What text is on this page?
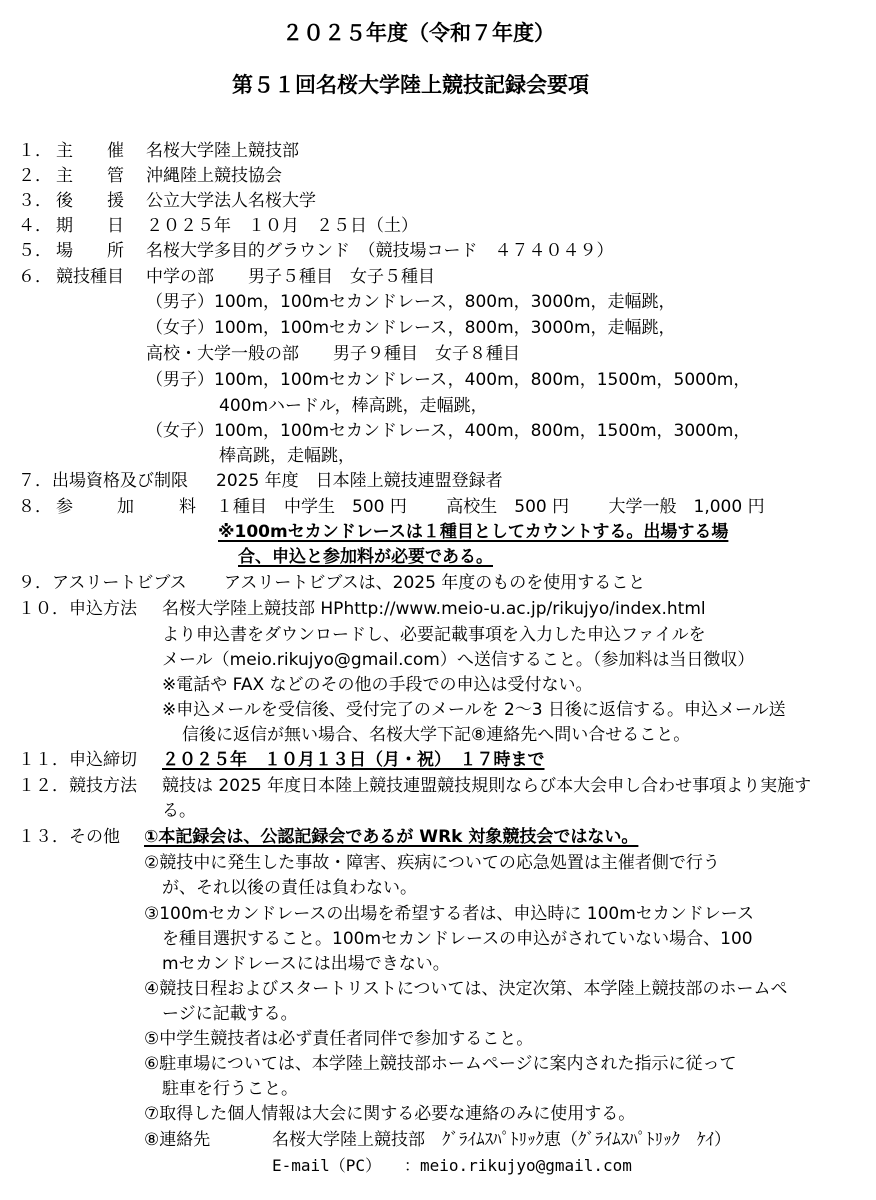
２０２５年度（令和７年度）
第５１回名桜大学陸上競技記録会要項
１． 主　　催 名桜大学陸上競技部
２． 主　　管 沖縄陸上競技協会
３． 後　　援 公立大学法人名桜大学
４． 期　　日 ２０２５年　１０月　２５日（土）
５． 場　　所 名桜大学多目的グラウンド　（競技場コード　４７４０４９）
６． 競技種目 中学の部　　男子５種目　女子５種目
（男子）100m，100mセカンドレース，800m，3000m，走幅跳，
（女子）100m，100mセカンドレース，800m，3000m，走幅跳，
高校・大学一般の部　　男子９種目　女子８種目
（男子）100m，100mセカンドレース，400m，800m，1500m，5000m，
400mハードル，棒高跳，走幅跳，
（女子）100m，100mセカンドレース，400m，800m，1500m，3000m，
棒高跳，走幅跳，
７．出場資格及び制限 2025 年度　日本陸上競技連盟登録者
８． 参	加	料 １種目　中学生　500 円　　 高校生　500 円　　 大学一般　1,000 円
※100mセカンドレースは１種目としてカウントする。出場する場
合、申込と参加料が必要である。
９．アスリートビブス アスリートビブスは、2025 年度のものを使用すること
１０．申込方法 名桜大学陸上競技部 HPhttp://www.meio-u.ac.jp/rikujyo/index.html
より申込書をダウンロードし、必要記載事項を入力した申込ファイルを
メール（meio.rikujyo@gmail.com）へ送信すること。（参加料は当日徴収）
※電話や FAX などのその他の手段での申込は受付ない。
※申込メールを受信後、受付完了のメールを 2～3 日後に返信する。申込メール送
信後に返信が無い場合、名桜大学下記⑧連絡先へ問い合せること。
１１．申込締切 ２０２５年　１０月１３日（月・祝）　１７時まで
１２．競技方法 競技は 2025 年度日本陸上競技連盟競技規則ならび本大会申し合わせ事項より実施す
る。
１３．その他 ①本記録会は、公認記録会であるが WRk 対象競技会ではない。
②競技中に発生した事故・障害、疾病についての応急処置は主催者側で行う
が、それ以後の責任は負わない。
③100mセカンドレースの出場を希望する者は、申込時に 100mセカンドレース
を種目選択すること。100mセカンドレースの申込がされていない場合、100
mセカンドレースには出場できない。
④競技日程およびスタートリストについては、決定次第、本学陸上競技部のホームペ
ージに記載する。
⑤中学生競技者は必ず責任者同伴で参加すること。
⑥駐車場については、本学陸上競技部ホームページに案内された指示に従って
駐車を行うこと。
⑦取得した個人情報は大会に関する必要な連絡のみに使用する。
⑧連絡先	名桜大学陸上競技部　ｸﾞﾗｲﾑｽﾊﾟﾄﾘｯｸ恵（ｸﾞﾗｲﾑｽﾊﾟﾄﾘｯｸ　ｹｲ）
E-mail（PC） ：meio.rikujyo@gmail.com
